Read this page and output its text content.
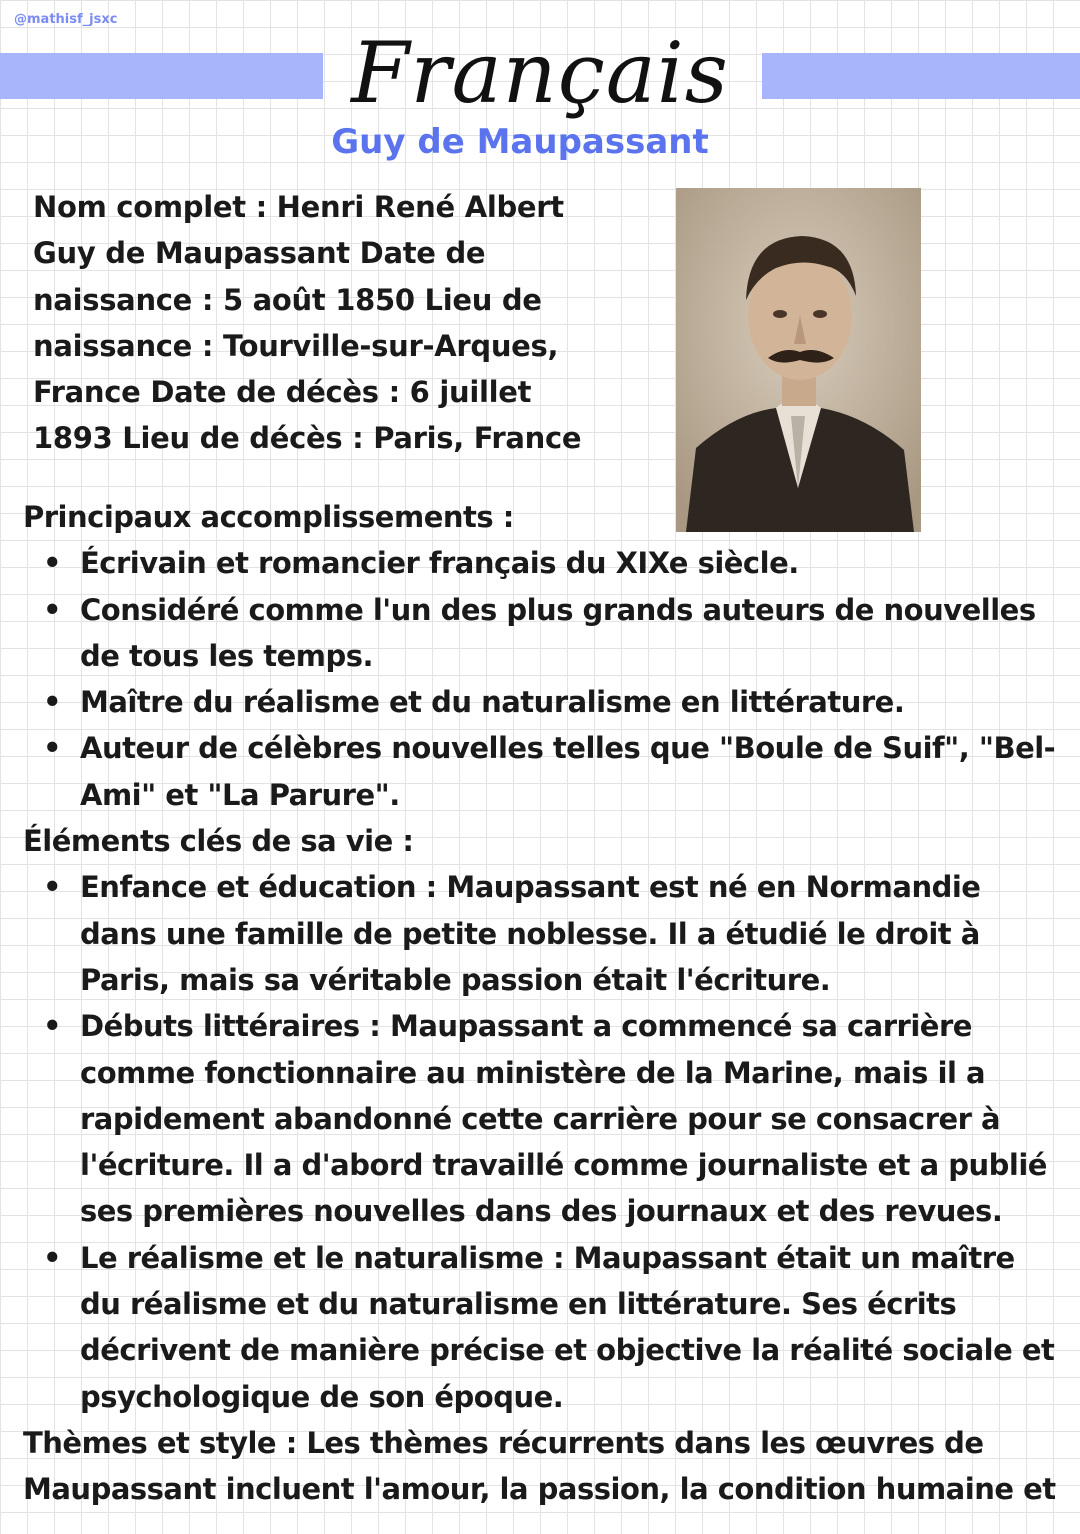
@mathisf_jsxc
Français
Guy de Maupassant
Nom complet : Henri René Albert Guy de Maupassant Date de naissance : 5 août 1850 Lieu de naissance : Tourville-sur-Arques, France Date de décès : 6 juillet 1893 Lieu de décès : Paris, France

Principaux accomplissements :

• Écrivain et romancier français du XIXe siècle.
• Considéré comme l'un des plus grands auteurs de nouvelles de tous les temps.
• Maître du réalisme et du naturalisme en littérature.
• Auteur de célèbres nouvelles telles que "Boule de Suif", "Bel-Ami" et "La Parure".

Éléments clés de sa vie :

• Enfance et éducation : Maupassant est né en Normandie dans une famille de petite noblesse. Il a étudié le droit à Paris, mais sa véritable passion était l'écriture.
• Débuts littéraires : Maupassant a commencé sa carrière comme fonctionnaire au ministère de la Marine, mais il a rapidement abandonné cette carrière pour se consacrer à l'écriture. Il a d'abord travaillé comme journaliste et a publié ses premières nouvelles dans des journaux et des revues.
• Le réalisme et le naturalisme : Maupassant était un maître du réalisme et du naturalisme en littérature. Ses écrits décrivent de manière précise et objective la réalité sociale et psychologique de son époque.

Thèmes et style : Les thèmes récurrents dans les œuvres de Maupassant incluent l'amour, la passion, la condition humaine et
